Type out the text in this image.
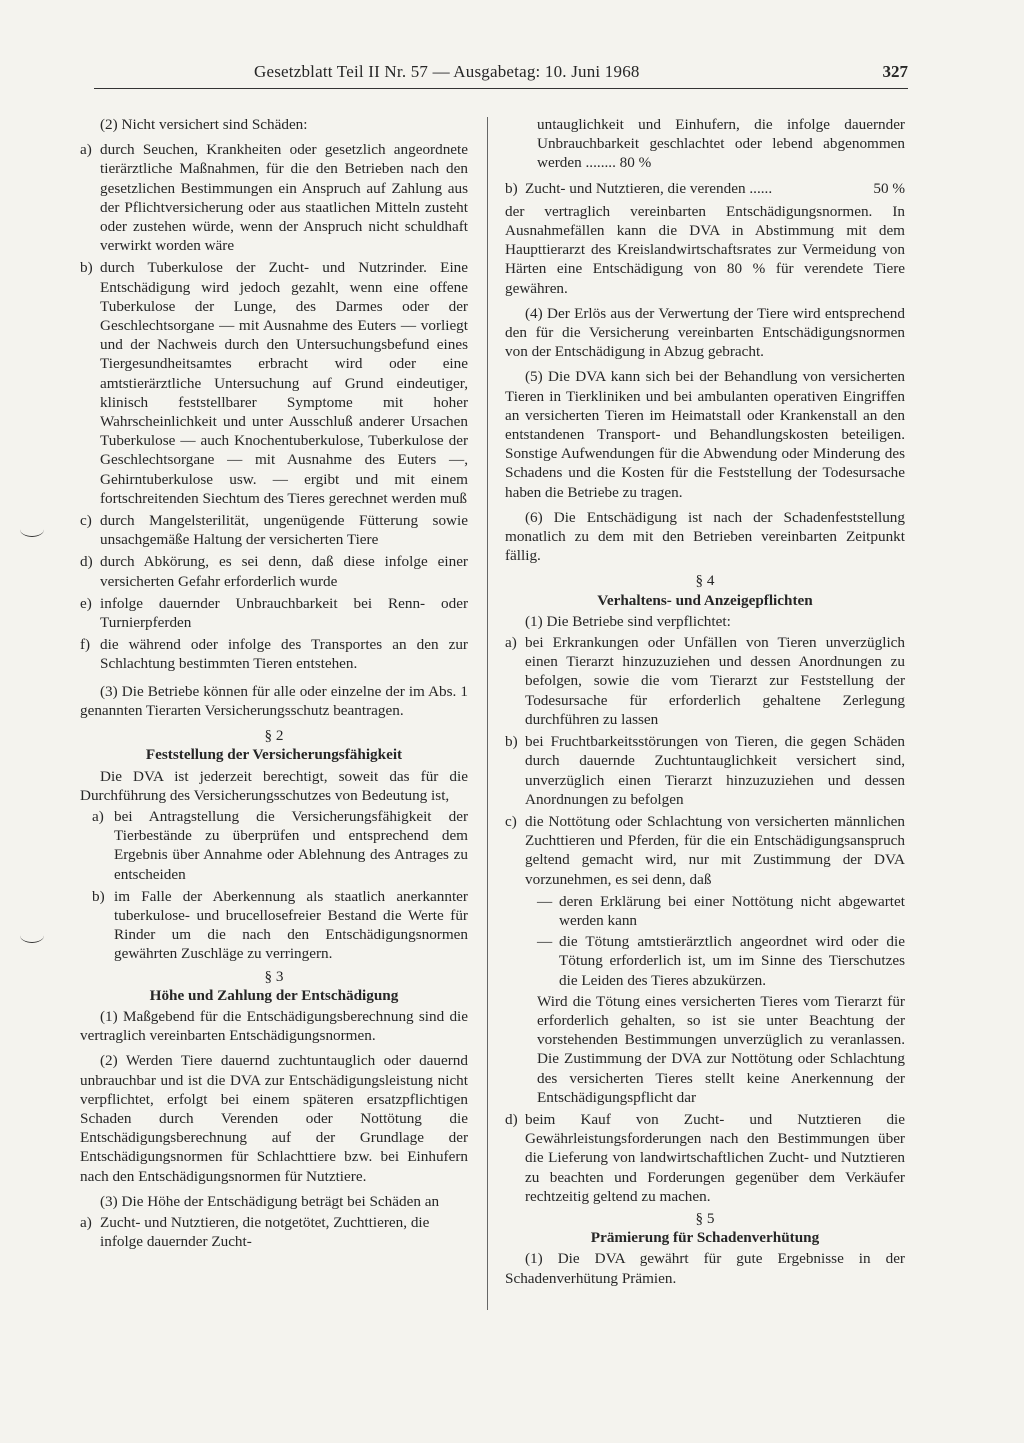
Gesetzblatt Teil II Nr. 57 — Ausgabetag: 10. Juni 1968	327

(2) Nicht versichert sind Schäden:

a) durch Seuchen, Krankheiten oder gesetzlich angeordnete tierärztliche Maßnahmen, für die den Betrieben nach den gesetzlichen Bestimmungen ein Anspruch auf Zahlung aus der Pflichtversicherung oder aus staatlichen Mitteln zusteht oder zustehen würde, wenn der Anspruch nicht schuldhaft verwirkt worden wäre
b) durch Tuberkulose der Zucht- und Nutzrinder. Eine Entschädigung wird jedoch gezahlt, wenn eine offene Tuberkulose der Lunge, des Darmes oder der Geschlechtsorgane — mit Ausnahme des Euters — vorliegt und der Nachweis durch den Untersuchungsbefund eines Tiergesundheitsamtes erbracht wird oder eine amtstierärztliche Untersuchung auf Grund eindeutiger, klinisch feststellbarer Symptome mit hoher Wahrscheinlichkeit und unter Ausschluß anderer Ursachen Tuberkulose — auch Knochentuberkulose, Tuberkulose der Geschlechtsorgane — mit Ausnahme des Euters —, Gehirntuberkulose usw. — ergibt und mit einem fortschreitenden Siechtum des Tieres gerechnet werden muß
c) durch Mangelsterilität, ungenügende Fütterung sowie unsachgemäße Haltung der versicherten Tiere
d) durch Abkörung, es sei denn, daß diese infolge einer versicherten Gefahr erforderlich wurde
e) infolge dauernder Unbrauchbarkeit bei Renn- oder Turnierpferden
f) die während oder infolge des Transportes an den zur Schlachtung bestimmten Tieren entstehen.

(3) Die Betriebe können für alle oder einzelne der im Abs. 1 genannten Tierarten Versicherungsschutz beantragen.

§ 2

Feststellung der Versicherungsfähigkeit

Die DVA ist jederzeit berechtigt, soweit das für die Durchführung des Versicherungsschutzes von Bedeutung ist,

a) bei Antragstellung die Versicherungsfähigkeit der Tierbestände zu überprüfen und entsprechend dem Ergebnis über Annahme oder Ablehnung des Antrages zu entscheiden
b) im Falle der Aberkennung als staatlich anerkannter tuberkulose- und brucellosefreier Bestand die Werte für Rinder um die nach den Entschädigungsnormen gewährten Zuschläge zu verringern.

§ 3

Höhe und Zahlung der Entschädigung

(1) Maßgebend für die Entschädigungsberechnung sind die vertraglich vereinbarten Entschädigungsnormen.

(2) Werden Tiere dauernd zuchtuntauglich oder dauernd unbrauchbar und ist die DVA zur Entschädigungsleistung nicht verpflichtet, erfolgt bei einem späteren ersatzpflichtigen Schaden durch Verenden oder Nottötung die Entschädigungsberechnung auf der Grundlage der Entschädigungsnormen für Schlachttiere bzw. bei Einhufern nach den Entschädigungsnormen für Nutztiere.

(3) Die Höhe der Entschädigung beträgt bei Schäden an

a) Zucht- und Nutztieren, die notgetötet, Zuchttieren, die infolge dauernder Zucht-
untauglichkeit und Einhufern, die infolge dauernder Unbrauchbarkeit geschlachtet oder lebend abgenommen werden ........ 80 %
b) Zucht- und Nutztieren, die verenden ......	50 %

der vertraglich vereinbarten Entschädigungsnormen. In Ausnahmefällen kann die DVA in Abstimmung mit dem Haupttierarzt des Kreislandwirtschaftsrates zur Vermeidung von Härten eine Entschädigung von 80 % für verendete Tiere gewähren.

(4) Der Erlös aus der Verwertung der Tiere wird entsprechend den für die Versicherung vereinbarten Entschädigungsnormen von der Entschädigung in Abzug gebracht.

(5) Die DVA kann sich bei der Behandlung von versicherten Tieren in Tierkliniken und bei ambulanten operativen Eingriffen an versicherten Tieren im Heimatstall oder Krankenstall an den entstandenen Transport- und Behandlungskosten beteiligen. Sonstige Aufwendungen für die Abwendung oder Minderung des Schadens und die Kosten für die Feststellung der Todesursache haben die Betriebe zu tragen.

(6) Die Entschädigung ist nach der Schadenfeststellung monatlich zu dem mit den Betrieben vereinbarten Zeitpunkt fällig.

§ 4

Verhaltens- und Anzeigepflichten

(1) Die Betriebe sind verpflichtet:

a) bei Erkrankungen oder Unfällen von Tieren unverzüglich einen Tierarzt hinzuzuziehen und dessen Anordnungen zu befolgen, sowie die vom Tierarzt zur Feststellung der Todesursache für erforderlich gehaltene Zerlegung durchführen zu lassen
b) bei Fruchtbarkeitsstörungen von Tieren, die gegen Schäden durch dauernde Zuchtuntauglichkeit versichert sind, unverzüglich einen Tierarzt hinzuzuziehen und dessen Anordnungen zu befolgen
c) die Nottötung oder Schlachtung von versicherten männlichen Zuchttieren und Pferden, für die ein Entschädigungsanspruch geltend gemacht wird, nur mit Zustimmung der DVA vorzunehmen, es sei denn, daß
— deren Erklärung bei einer Nottötung nicht abgewartet werden kann
— die Tötung amtstierärztlich angeordnet wird oder die Tötung erforderlich ist, um im Sinne des Tierschutzes die Leiden des Tieres abzukürzen.

Wird die Tötung eines versicherten Tieres vom Tierarzt für erforderlich gehalten, so ist sie unter Beachtung der vorstehenden Bestimmungen unverzüglich zu veranlassen. Die Zustimmung der DVA zur Nottötung oder Schlachtung des versicherten Tieres stellt keine Anerkennung der Entschädigungspflicht dar

d) beim Kauf von Zucht- und Nutztieren die Gewährleistungsforderungen nach den Bestimmungen über die Lieferung von landwirtschaftlichen Zucht- und Nutztieren zu beachten und Forderungen gegenüber dem Verkäufer rechtzeitig geltend zu machen.

§ 5

Prämierung für Schadenverhütung

(1) Die DVA gewährt für gute Ergebnisse in der Schadenverhütung Prämien.
